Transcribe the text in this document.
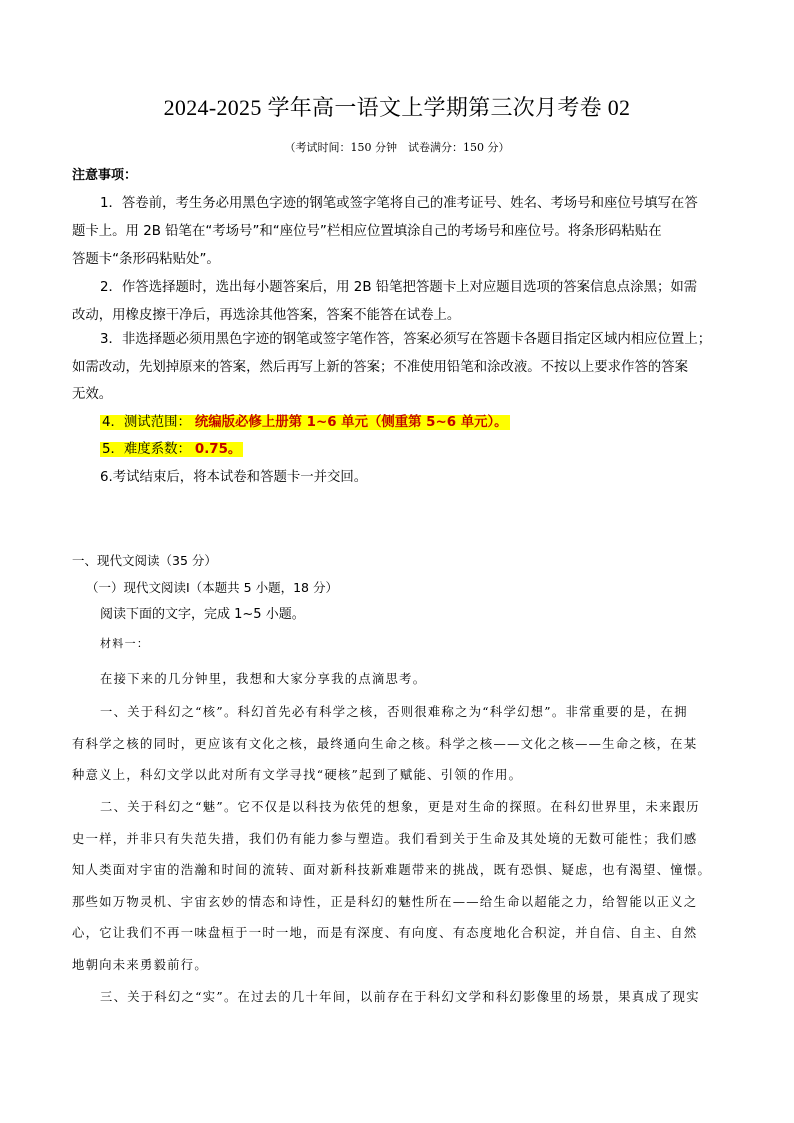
2024-2025 学年高一语文上学期第三次月考卷 02
（考试时间：150 分钟　试卷满分：150 分）
注意事项：
1．答卷前，考生务必用黑色字迹的钢笔或签字笔将自己的准考证号、姓名、考场号和座位号填写在答
题卡上。用 2B 铅笔在“考场号”和“座位号”栏相应位置填涂自己的考场号和座位号。将条形码粘贴在
答题卡“条形码粘贴处”。
2．作答选择题时，选出每小题答案后，用 2B 铅笔把答题卡上对应题目选项的答案信息点涂黑；如需
改动，用橡皮擦干净后，再选涂其他答案，答案不能答在试卷上。
3．非选择题必须用黑色字迹的钢笔或签字笔作答，答案必须写在答题卡各题目指定区域内相应位置上；
如需改动，先划掉原来的答案，然后再写上新的答案；不准使用铅笔和涂改液。不按以上要求作答的答案
无效。
4．测试范围： 统编版必修上册第 1~6 单元（侧重第 5~6 单元）。
5．难度系数： 0.75。
6.考试结束后，将本试卷和答题卡一并交回。
一、现代文阅读（35 分）
（一）现代文阅读Ⅰ（本题共 5 小题，18 分）
阅读下面的文字，完成 1~5 小题。
材料一：
在接下来的几分钟里，我想和大家分享我的点滴思考。
一、关于科幻之“核”。科幻首先必有科学之核，否则很难称之为“科学幻想”。非常重要的是，在拥
有科学之核的同时，更应该有文化之核，最终通向生命之核。科学之核——文化之核——生命之核，在某
种意义上，科幻文学以此对所有文学寻找“硬核”起到了赋能、引领的作用。
二、关于科幻之“魅”。它不仅是以科技为依凭的想象，更是对生命的探照。在科幻世界里，未来跟历
史一样，并非只有失范失措，我们仍有能力参与塑造。我们看到关于生命及其处境的无数可能性；我们感
知人类面对宇宙的浩瀚和时间的流转、面对新科技新难题带来的挑战，既有恐惧、疑虑，也有渴望、憧憬。
那些如万物灵机、宇宙玄妙的情态和诗性，正是科幻的魅性所在——给生命以超能之力，给智能以正义之
心，它让我们不再一味盘桓于一时一地，而是有深度、有向度、有态度地化合积淀，并自信、自主、自然
地朝向未来勇毅前行。
三、关于科幻之“实”。在过去的几十年间，以前存在于科幻文学和科幻影像里的场景，果真成了现实
